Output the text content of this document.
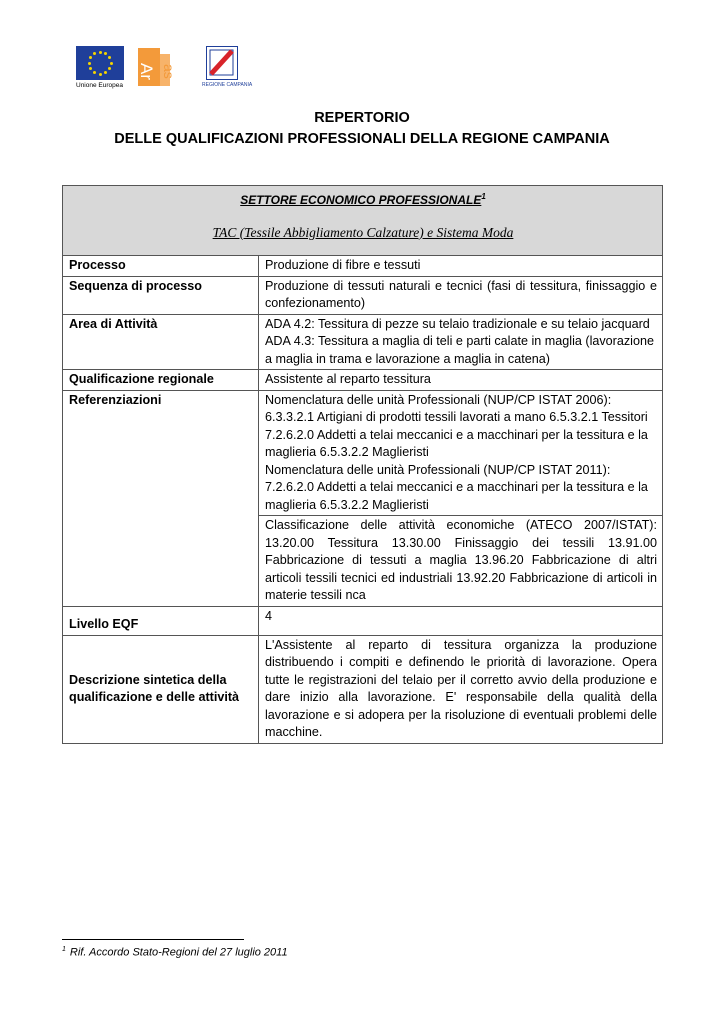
Unione Europea
Ar as
REGIONE CAMPANIA
REPERTORIO
DELLE QUALIFICAZIONI PROFESSIONALI DELLA REGIONE CAMPANIA
SETTORE ECONOMICO PROFESSIONALE$^1$
TAC (Tessile Abbigliamento Calzature) e Sistema Moda	

Processo	Produzione di fibre e tessuti
Sequenza di processo	Produzione di tessuti naturali e tecnici (fasi di tessitura, finissaggio e confezionamento)
Area di Attività	ADA 4.2: Tessitura di pezze su telaio tradizionale e su telaio jacquard
ADA 4.3: Tessitura a maglia di teli e parti calate in maglia (lavorazione a maglia in trama e lavorazione a maglia in catena)

Qualificazione regionale	Assistente al reparto tessitura
Referenziazioni	Nomenclatura delle unità Professionali (NUP/CP ISTAT 2006): 6.3.3.2.1 Artigiani di prodotti tessili lavorati a mano 6.5.3.2.1 Tessitori 7.2.6.2.0 Addetti a telai meccanici e a macchinari per la tessitura e la maglieria 6.5.3.2.2 Maglieristi
Nomenclatura delle unità Professionali (NUP/CP ISTAT 2011): 7.2.6.2.0 Addetti a telai meccanici e a macchinari per la tessitura e la maglieria 6.5.3.2.2 Maglieristi

	Classificazione delle attività economiche (ATECO 2007/ISTAT): 13.20.00 Tessitura 13.30.00 Finissaggio dei tessili 13.91.00 Fabbricazione di tessuti a maglia 13.96.20 Fabbricazione di altri articoli tessili tecnici ed industriali 13.92.20 Fabbricazione di articoli in materie tessili nca
Livello EQF	4
Descrizione sintetica della qualificazione e delle attività	L'Assistente al reparto di tessitura organizza la produzione distribuendo i compiti e definendo le priorità di lavorazione. Opera tutte le registrazioni del telaio per il corretto avvio della produzione e dare inizio alla lavorazione. E' responsabile della qualità della lavorazione e si adopera per la risoluzione di eventuali problemi delle macchine.
$^1$ Rif. Accordo Stato-Regioni del 27 luglio 2011
